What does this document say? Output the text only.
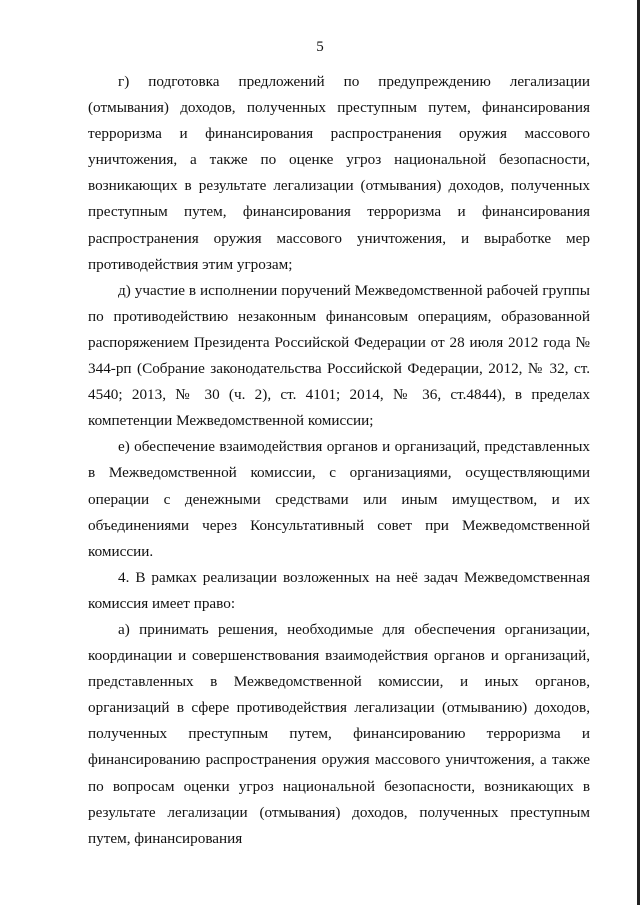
5

г) подготовка предложений по предупреждению легализации (отмывания) доходов, полученных преступным путем, финансирования терроризма и финансирования распространения оружия массового уничтожения, а также по оценке угроз национальной безопасности, возникающих в результате легализации (отмывания) доходов, полученных преступным путем, финансирования терроризма и финансирования распространения оружия массового уничтожения, и выработке мер противодействия этим угрозам;

д) участие в исполнении поручений Межведомственной рабочей группы по противодействию незаконным финансовым операциям, образованной распоряжением Президента Российской Федерации от 28 июля 2012 года № 344-рп (Собрание законодательства Российской Федерации, 2012, № 32, ст. 4540; 2013, № 30 (ч. 2), ст. 4101; 2014, № 36, ст.4844), в пределах компетенции Межведомственной комиссии;

е) обеспечение взаимодействия органов и организаций, представленных в Межведомственной комиссии, с организациями, осуществляющими операции с денежными средствами или иным имуществом, и их объединениями через Консультативный совет при Межведомственной комиссии.

4. В рамках реализации возложенных на неё задач Межведомственная комиссия имеет право:

а) принимать решения, необходимые для обеспечения организации, координации и совершенствования взаимодействия органов и организаций, представленных в Межведомственной комиссии, и иных органов, организаций в сфере противодействия легализации (отмыванию) доходов, полученных преступным путем, финансированию терроризма и финансированию распространения оружия массового уничтожения, а также по вопросам оценки угроз национальной безопасности, возникающих в результате легализации (отмывания) доходов, полученных преступным путем, финансирования
